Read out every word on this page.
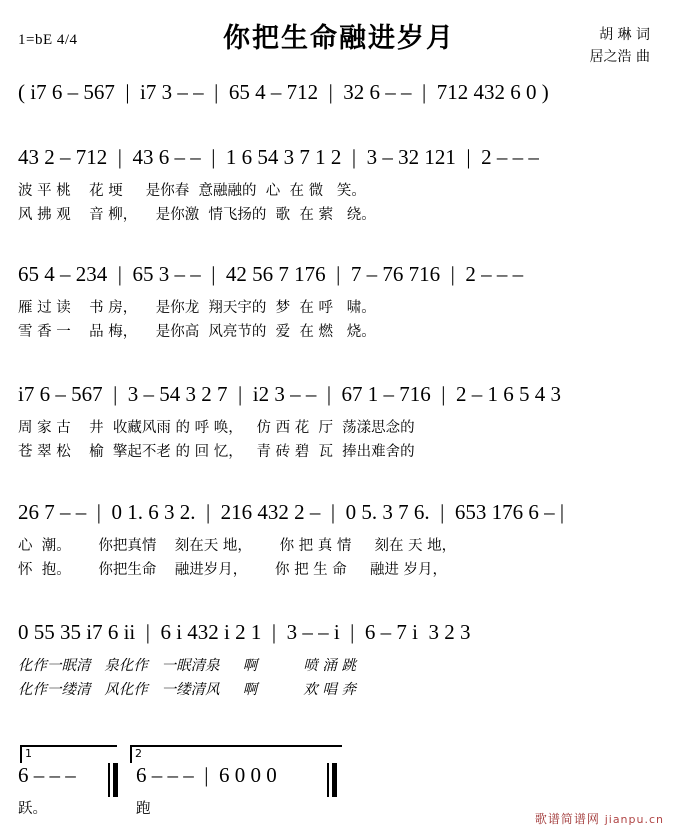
1=bE 4/4	你把生命融进岁月	胡 琳 词
居之浩 曲
( i7 6 – 567  |  i7 3 – –  |  65 4 – 712  |  32 6 – –  |  712 432 6 0 )
43 2 – 712  |  43 6 – –  |  1 6 54 3 7 1 2  |  3 – 32 121  |  2 – – –
波 平 桃    花 埂     是你春  意融融的  心  在 微   笑。
风 拂 观    音 柳，    是你激  情飞扬的  歌  在 萦   绕。
65 4 – 234  |  65 3 – –  |  42 56 7 176  |  7 – 76 716  |  2 – – –
雁 过 读    书 房，    是你龙  翔天宇的  梦  在 呼   啸。
雪 香 一    品 梅，    是你高  风亮节的  爱  在 燃   烧。
i7 6 – 567  |  3 – 54 3 2 7  |  i2 3 – –  |  67 1 – 716  |  2 – 1 6 5 4 3
周 家 古    井  收藏风雨 的 呼 唤，   仿 西 花  厅  荡漾思念的
苍 翠 松    榆  擎起不老 的 回 忆，   青 砖 碧  瓦  捧出难舍的
26 7 – –  |  0 1. 6 3 2.  |  216 432 2 –  |  0 5. 3 7 6.  |  653 176 6 – |
心  潮。      你把真情    刻在天 地，      你 把 真 情     刻在 天 地，
怀  抱。      你把生命    融进岁月，      你 把 生 命     融进 岁月，
0 55 35 i7 6 ii  |  6 i 432 i 2 1  |  3 – – i  |  6 – 7 i  3 2 3
化作一眠清   泉化作   一眠清泉     啊          喷 涌 跳
化作一缕清   风化作   一缕清风     啊          欢 唱 奔
1	2
6 – – –	6 – – –  |  6 0 0 0
跃。	跑
歌谱简谱网 jianpu.cn
